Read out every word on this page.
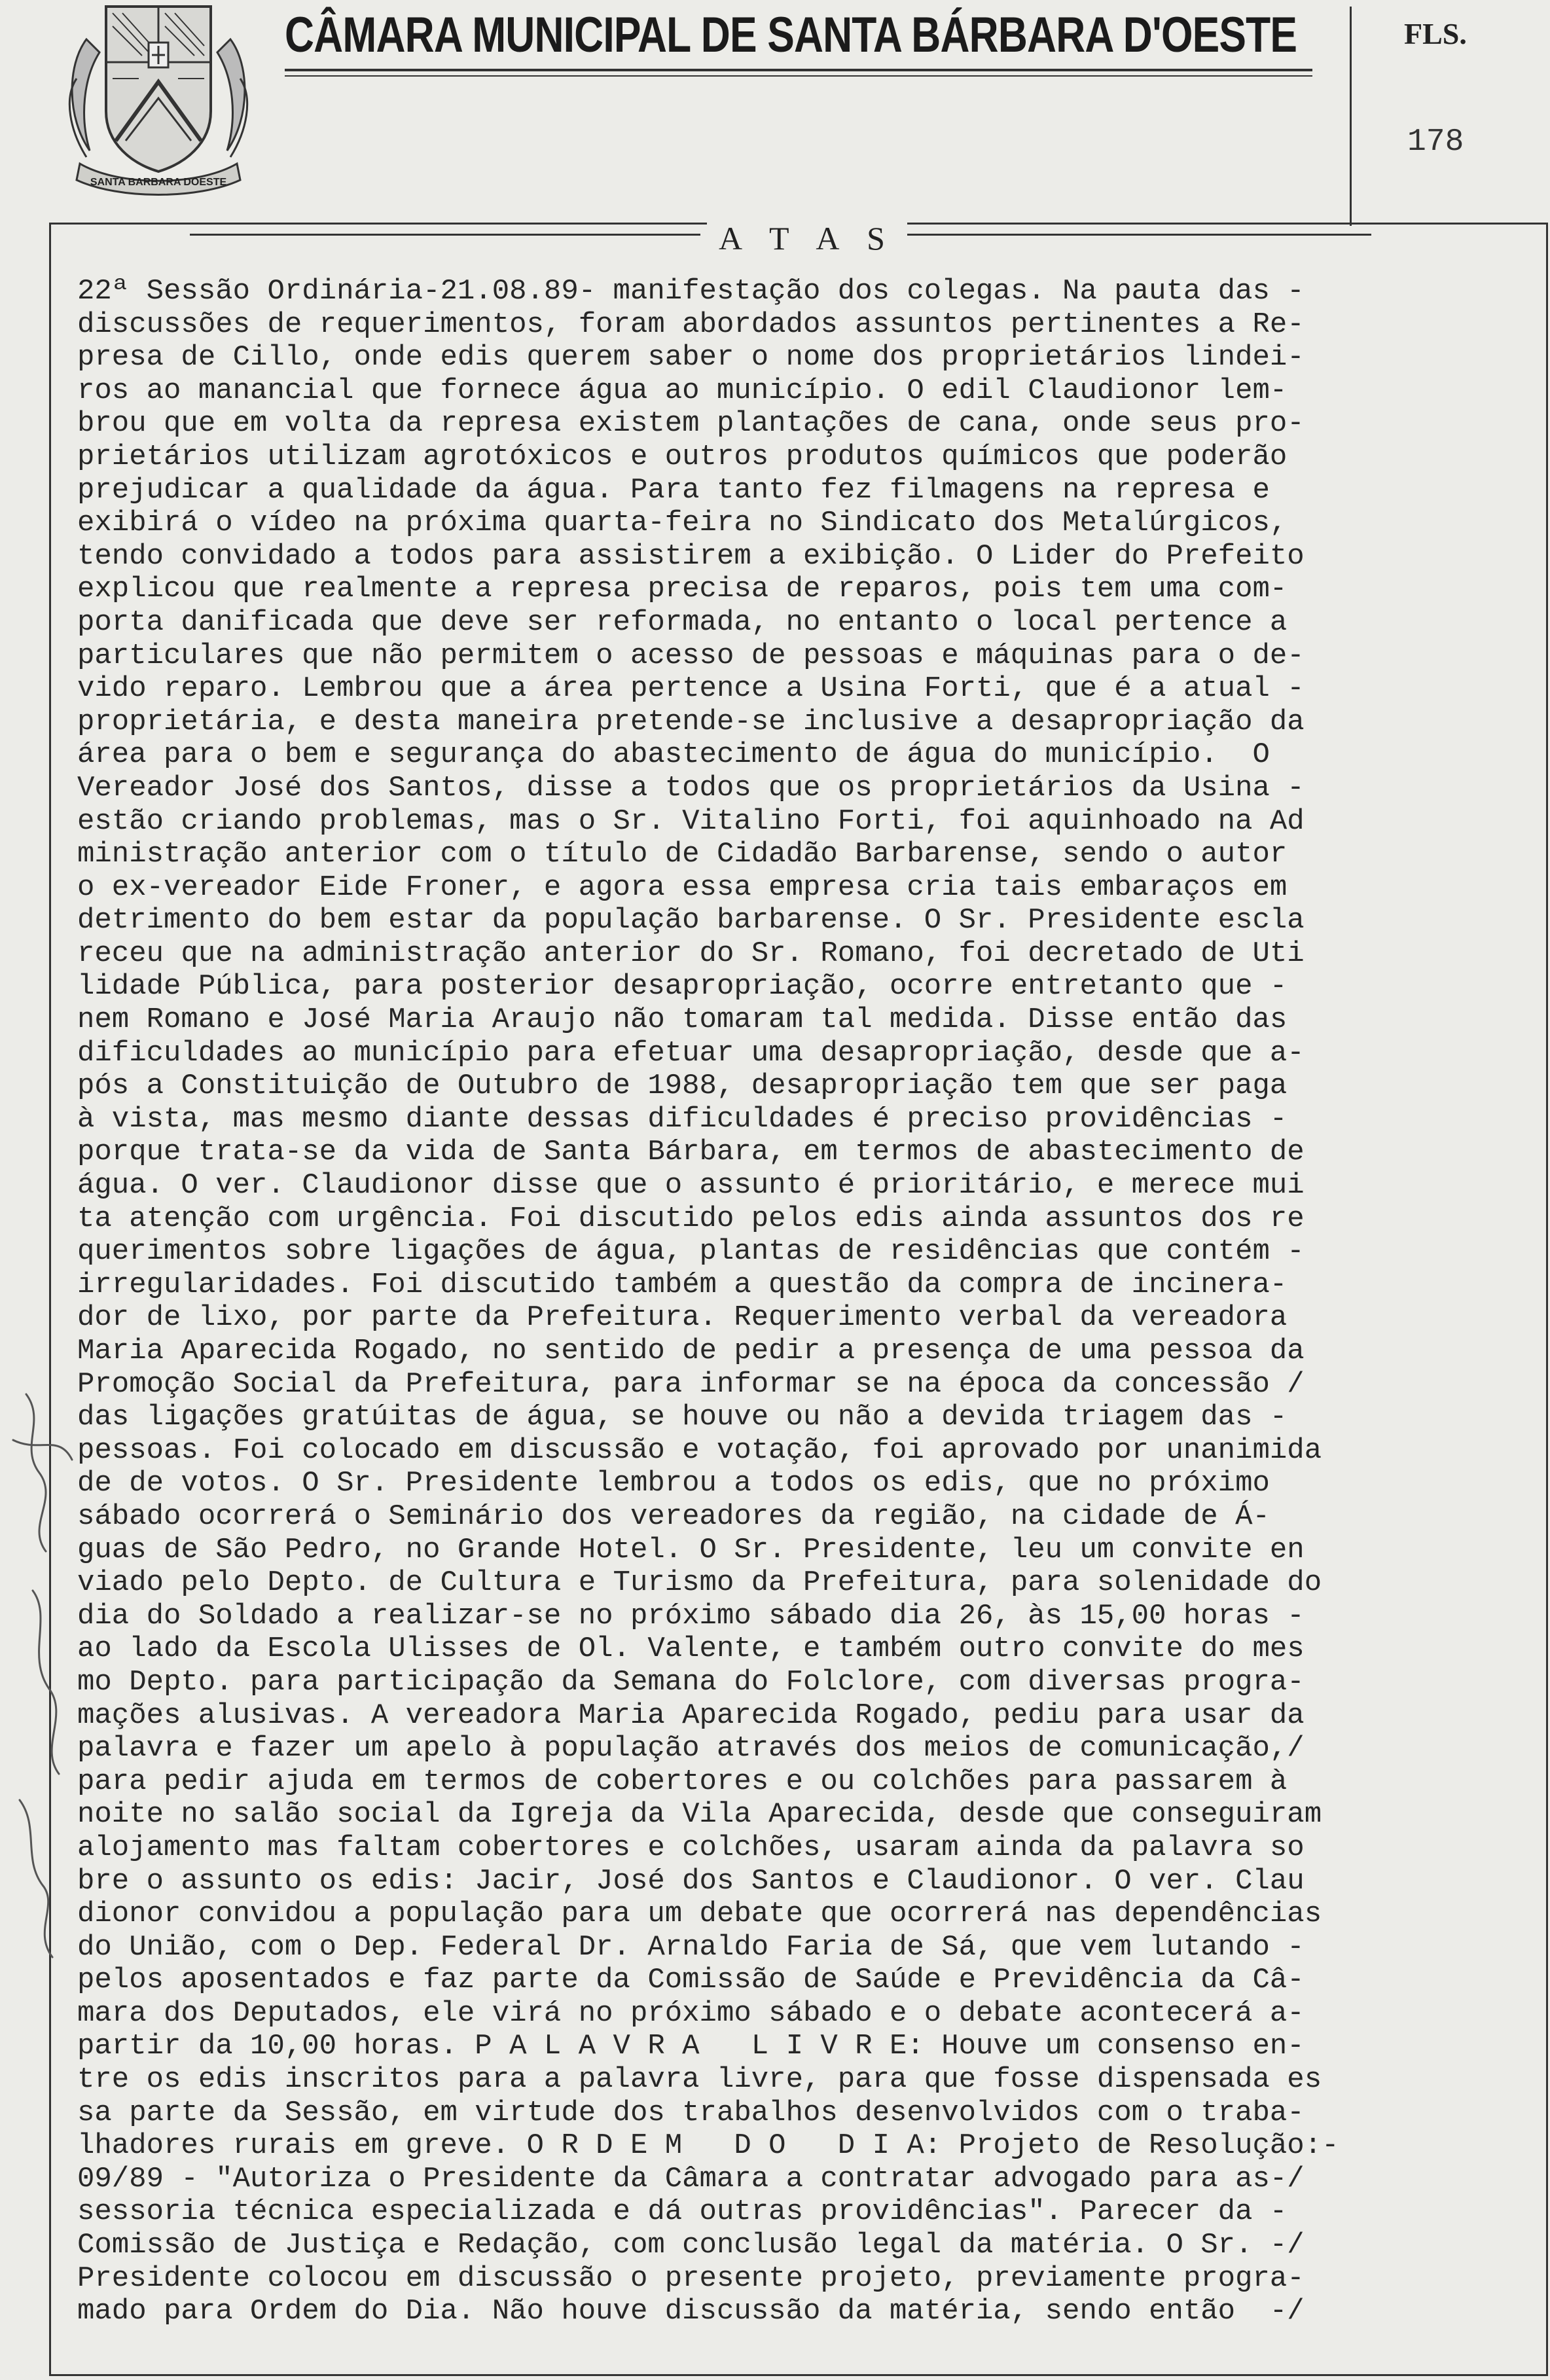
SANTA BARBARA DOESTE
CÂMARA MUNICIPAL DE SANTA BÁRBARA D'OESTE	FLS.
178
A T A S
22ª Sessão Ordinária-21.08.89- manifestação dos colegas. Na pauta das -
discussões de requerimentos, foram abordados assuntos pertinentes a Re-
presa de Cillo, onde edis querem saber o nome dos proprietários lindei-
ros ao manancial que fornece água ao município. O edil Claudionor lem-
brou que em volta da represa existem plantações de cana, onde seus pro-
prietários utilizam agrotóxicos e outros produtos químicos que poderão
prejudicar a qualidade da água. Para tanto fez filmagens na represa e
exibirá o vídeo na próxima quarta-feira no Sindicato dos Metalúrgicos,
tendo convidado a todos para assistirem a exibição. O Lider do Prefeito
explicou que realmente a represa precisa de reparos, pois tem uma com-
porta danificada que deve ser reformada, no entanto o local pertence a
particulares que não permitem o acesso de pessoas e máquinas para o de-
vido reparo. Lembrou que a área pertence a Usina Forti, que é a atual -
proprietária, e desta maneira pretende-se inclusive a desapropriação da
área para o bem e segurança do abastecimento de água do município.  O
Vereador José dos Santos, disse a todos que os proprietários da Usina -
estão criando problemas, mas o Sr. Vitalino Forti, foi aquinhoado na Ad
ministração anterior com o título de Cidadão Barbarense, sendo o autor
o ex-vereador Eide Froner, e agora essa empresa cria tais embaraços em
detrimento do bem estar da população barbarense. O Sr. Presidente escla
receu que na administração anterior do Sr. Romano, foi decretado de Uti
lidade Pública, para posterior desapropriação, ocorre entretanto que -
nem Romano e José Maria Araujo não tomaram tal medida. Disse então das
dificuldades ao município para efetuar uma desapropriação, desde que a-
pós a Constituição de Outubro de 1988, desapropriação tem que ser paga
à vista, mas mesmo diante dessas dificuldades é preciso providências -
porque trata-se da vida de Santa Bárbara, em termos de abastecimento de
água. O ver. Claudionor disse que o assunto é prioritário, e merece mui
ta atenção com urgência. Foi discutido pelos edis ainda assuntos dos re
querimentos sobre ligações de água, plantas de residências que contém -
irregularidades. Foi discutido também a questão da compra de incinera-
dor de lixo, por parte da Prefeitura. Requerimento verbal da vereadora
Maria Aparecida Rogado, no sentido de pedir a presença de uma pessoa da
Promoção Social da Prefeitura, para informar se na época da concessão /
das ligações gratúitas de água, se houve ou não a devida triagem das -
pessoas. Foi colocado em discussão e votação, foi aprovado por unanimida
de de votos. O Sr. Presidente lembrou a todos os edis, que no próximo
sábado ocorrerá o Seminário dos vereadores da região, na cidade de Á-
guas de São Pedro, no Grande Hotel. O Sr. Presidente, leu um convite en
viado pelo Depto. de Cultura e Turismo da Prefeitura, para solenidade do
dia do Soldado a realizar-se no próximo sábado dia 26, às 15,00 horas -
ao lado da Escola Ulisses de Ol. Valente, e também outro convite do mes
mo Depto. para participação da Semana do Folclore, com diversas progra-
mações alusivas. A vereadora Maria Aparecida Rogado, pediu para usar da
palavra e fazer um apelo à população através dos meios de comunicação,/
para pedir ajuda em termos de cobertores e ou colchões para passarem à
noite no salão social da Igreja da Vila Aparecida, desde que conseguiram
alojamento mas faltam cobertores e colchões, usaram ainda da palavra so
bre o assunto os edis: Jacir, José dos Santos e Claudionor. O ver. Clau
dionor convidou a população para um debate que ocorrerá nas dependências
do União, com o Dep. Federal Dr. Arnaldo Faria de Sá, que vem lutando -
pelos aposentados e faz parte da Comissão de Saúde e Previdência da Câ-
mara dos Deputados, ele virá no próximo sábado e o debate acontecerá a-
partir da 10,00 horas. P A L A V R A   L I V R E: Houve um consenso en-
tre os edis inscritos para a palavra livre, para que fosse dispensada es
sa parte da Sessão, em virtude dos trabalhos desenvolvidos com o traba-
lhadores rurais em greve. O R D E M   D O   D I A: Projeto de Resolução:-
09/89 - "Autoriza o Presidente da Câmara a contratar advogado para as-/
sessoria técnica especializada e dá outras providências". Parecer da -
Comissão de Justiça e Redação, com conclusão legal da matéria. O Sr. -/
Presidente colocou em discussão o presente projeto, previamente progra-
mado para Ordem do Dia. Não houve discussão da matéria, sendo então  -/
